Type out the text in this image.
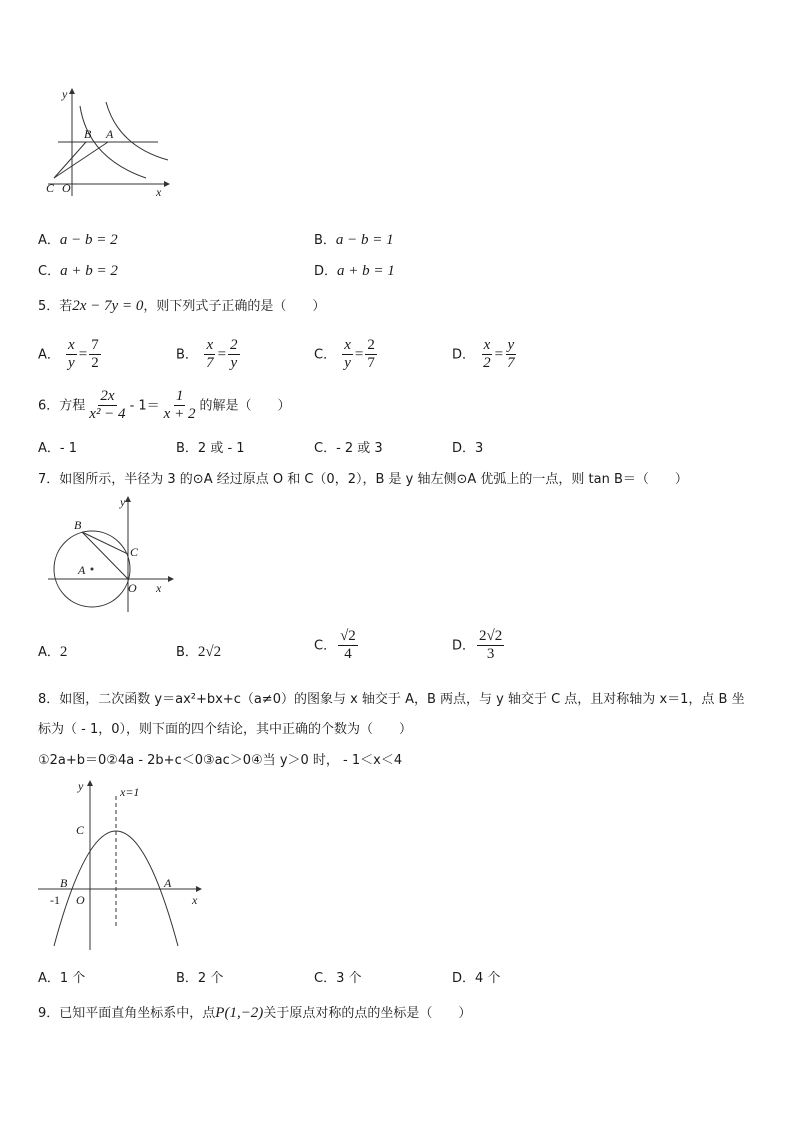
y
B A
C O	x
A．a − b = 2	B．a − b = 1
C．a + b = 2	D．a + b = 1
5．若2x − 7y = 0，则下列式子正确的是（　　）
A． $\frac{x}{y} = \frac{7}{2}$	B． $\frac{x}{7} = \frac{2}{y}$	C． $\frac{x}{y} = \frac{2}{7}$	D． $\frac{x}{2} = \frac{y}{7}$
6．方程 $\frac{2x}{\text{x² − 4}} - 1= \frac{1}{x + 2}$ 的解是（　　）
A．- 1	B．2 或 - 1	C．- 2 或 3	D．3
7．如图所示，半径为 3 的⊙A 经过原点 O 和 C（0，2），B 是 y 轴左侧⊙A 优弧上的一点，则 tan B＝（　　）
y
B
C
A
O x
A．2	B．2√2	C． $\frac{√2}{4}$	D． $\frac{2√2}{3}$
8．如图，二次函数 y＝ax²+bx+c（a≠0）的图象与 x 轴交于 A，B 两点，与 y 轴交于 C 点，且对称轴为 x＝1，点 B 坐
标为（ - 1，0），则下面的四个结论，其中正确的个数为（　　）
①2a+b＝0②4a - 2b+c＜0③ac＞0④当 y＞0 时， - 1＜x＜4
x=1
y
C
B	A
-1 O	x
A．1 个	B．2 个	C．3 个	D．4 个
9．已知平面直角坐标系中，点P(1,−2)关于原点对称的点的坐标是（　　）
